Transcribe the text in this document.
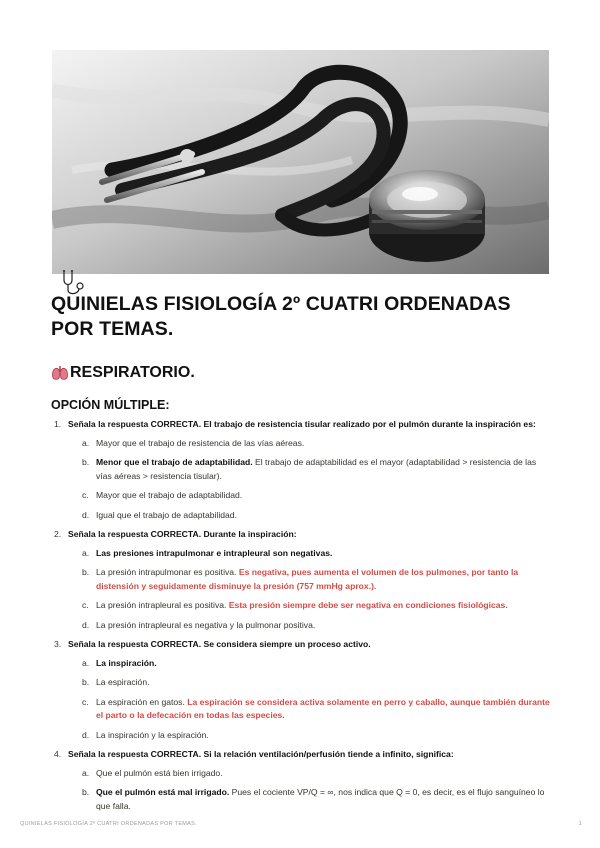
QUINIELAS FISIOLOGÍA 2º CUATRI ORDENADAS POR TEMAS.
RESPIRATORIO.
OPCIÓN MÚLTIPLE:
1. Señala la respuesta CORRECTA. El trabajo de resistencia tisular realizado por el pulmón durante la inspiración es:
a. Mayor que el trabajo de resistencia de las vías aéreas.
b. Menor que el trabajo de adaptabilidad. El trabajo de adaptabilidad es el mayor (adaptabilidad > resistencia de las vías aéreas > resistencia tisular).
c. Mayor que el trabajo de adaptabilidad.
d. Igual que el trabajo de adaptabilidad.
2. Señala la respuesta CORRECTA. Durante la inspiración:
a. Las presiones intrapulmonar e intrapleural son negativas.
b. La presión intrapulmonar es positiva. Es negativa, pues aumenta el volumen de los pulmones, por tanto la distensión y seguidamente disminuye la presión (757 mmHg aprox.).
c. La presión intrapleural es positiva. Esta presión siempre debe ser negativa en condiciones fisiológicas.
d. La presión intrapleural es negativa y la pulmonar positiva.
3. Señala la respuesta CORRECTA. Se considera siempre un proceso activo.
a. La inspiración.
b. La espiración.
c. La espiración en gatos. La espiración se considera activa solamente en perro y caballo, aunque también durante el parto o la defecación en todas las especies.
d. La inspiración y la espiración.
4. Señala la respuesta CORRECTA. Si la relación ventilación/perfusión tiende a infinito, significa:
a. Que el pulmón está bien irrigado.
b. Que el pulmón está mal irrigado. Pues el cociente VP/Q = ∞, nos indica que Q = 0, es decir, es el flujo sanguíneo lo que falla.
QUINIELAS FISIOLOGÍA 2º CUATRI ORDENADAS POR TEMAS.	1
